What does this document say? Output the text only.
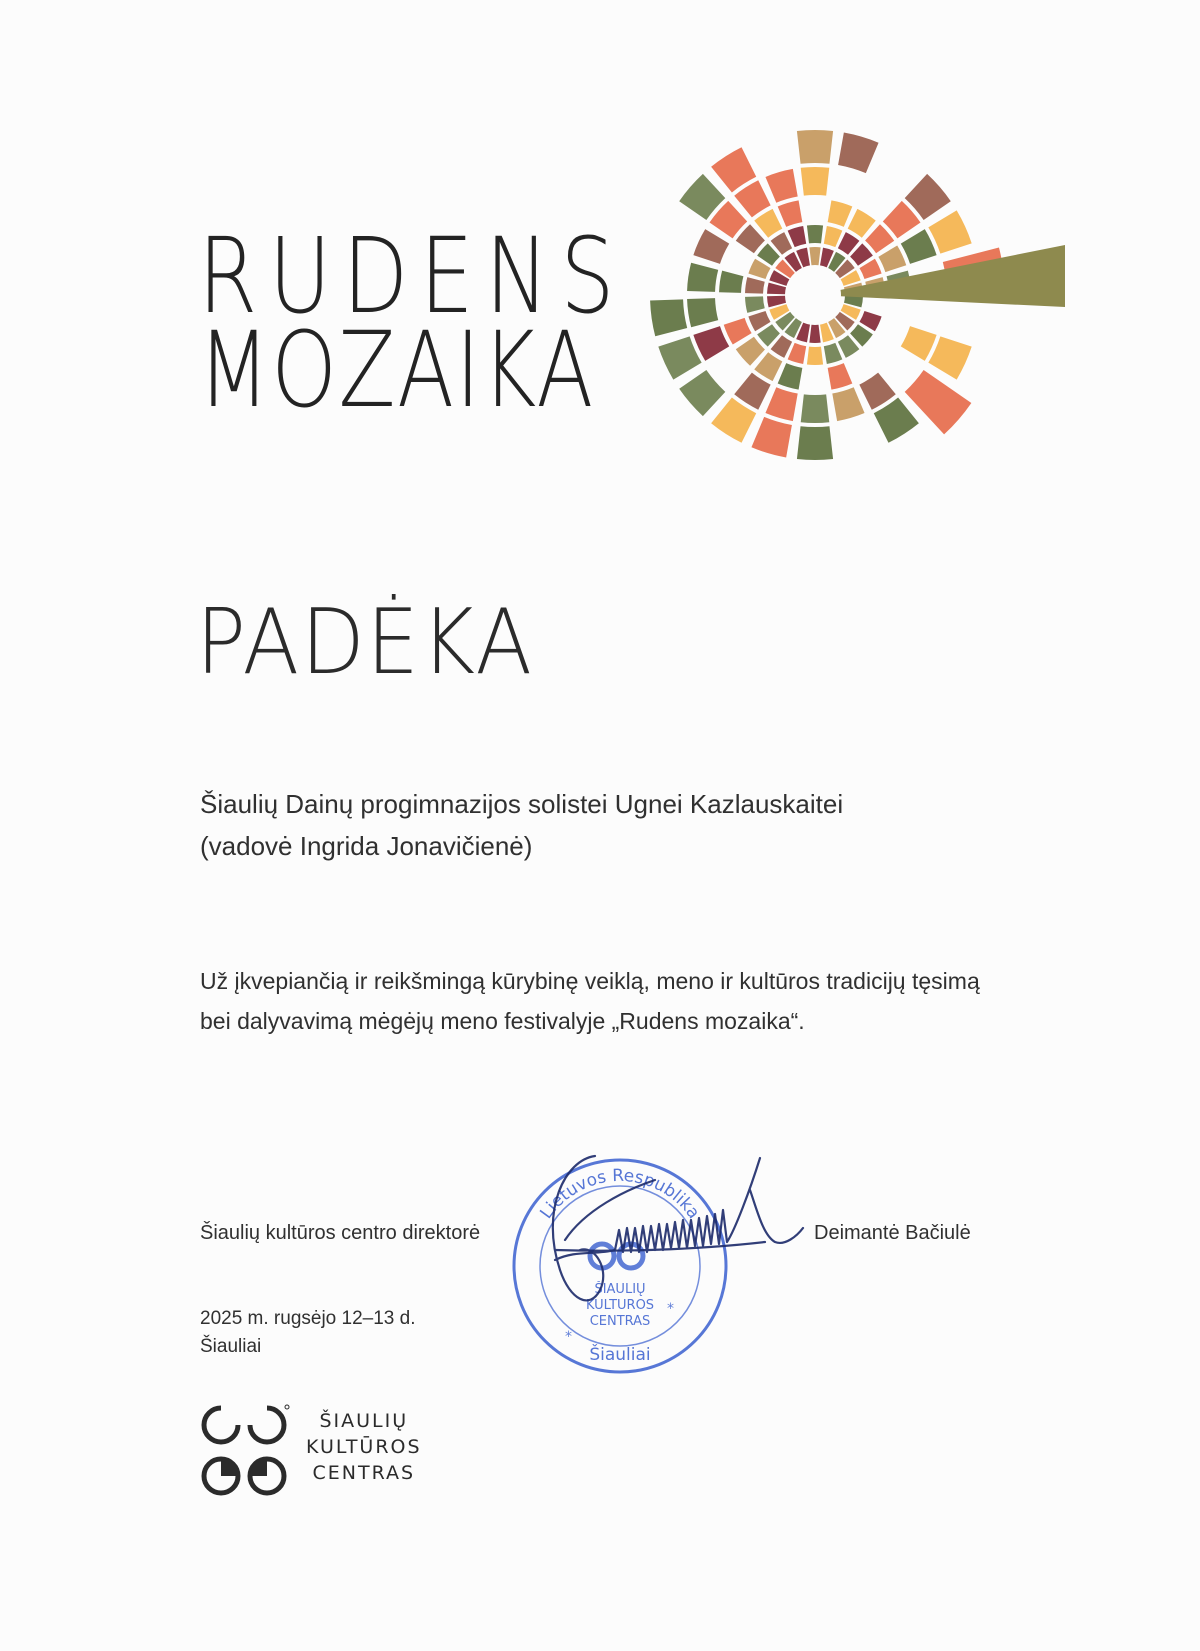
RUDENS
MOZAIKA
PADĖKA
Šiaulių Dainų progimnazijos solistei Ugnei Kazlauskaitei
(vadovė Ingrida Jonavičienė)
Už įkvepiančią ir reikšmingą kūrybinę veiklą, meno ir kultūros tradicijų tęsimą
bei dalyvavimą mėgėjų meno festivalyje „Rudens mozaika“.
Šiaulių kultūros centro direktorė	Deimantė Bačiulė
2025 m. rugsėjo 12–13 d.
Šiauliai
Lietuvos Respublika
ŠIAULIŲ
KULTŪROS
CENTRAS
*
*
Šiauliai
ŠIAULIŲ
KULTŪROS
CENTRAS
